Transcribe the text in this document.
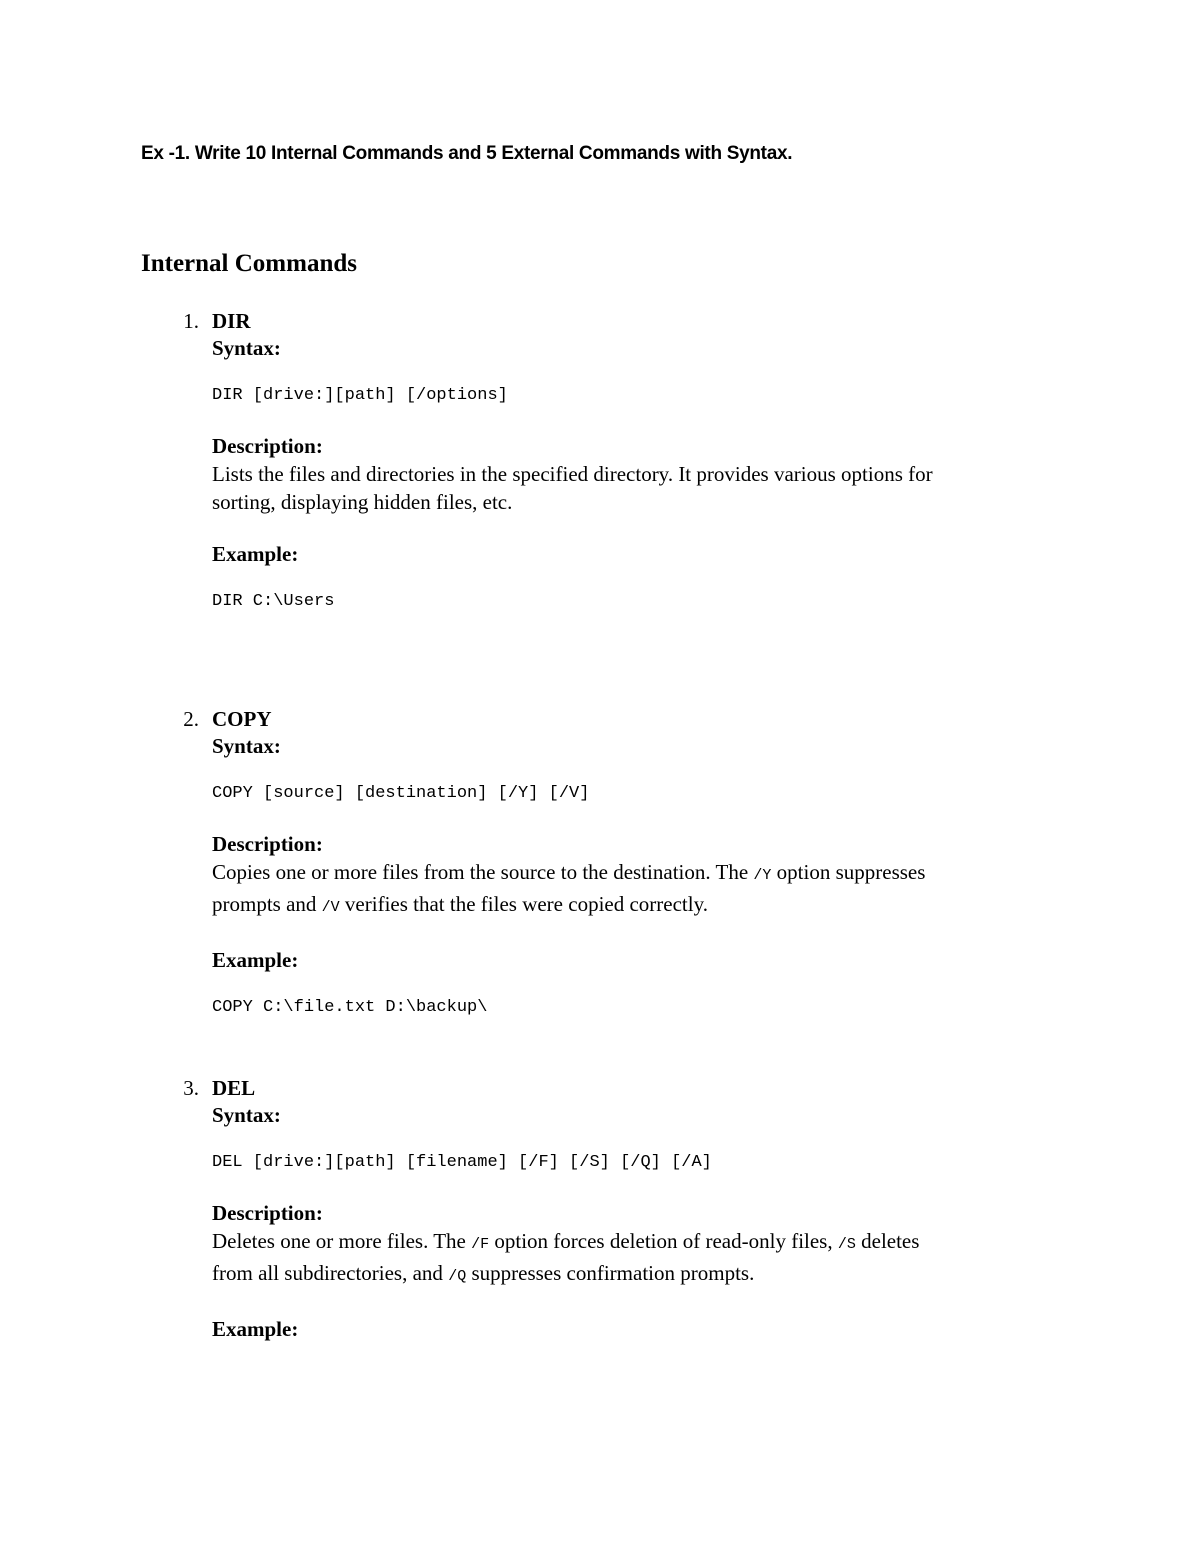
Ex -1. Write 10 Internal Commands and 5 External Commands with Syntax.
Internal Commands
1. DIR
Syntax:
DIR [drive:][path] [/options]
Description:
Lists the files and directories in the specified directory. It provides various options for
sorting, displaying hidden files, etc.
Example:
DIR C:\Users
2. COPY
Syntax:
COPY [source] [destination] [/Y] [/V]
Description:
Copies one or more files from the source to the destination. The /Y option suppresses
prompts and /V verifies that the files were copied correctly.
Example:
COPY C:\file.txt D:\backup\
3. DEL
Syntax:
DEL [drive:][path] [filename] [/F] [/S] [/Q] [/A]
Description:
Deletes one or more files. The /F option forces deletion of read-only files, /S deletes
from all subdirectories, and /Q suppresses confirmation prompts.
Example:
